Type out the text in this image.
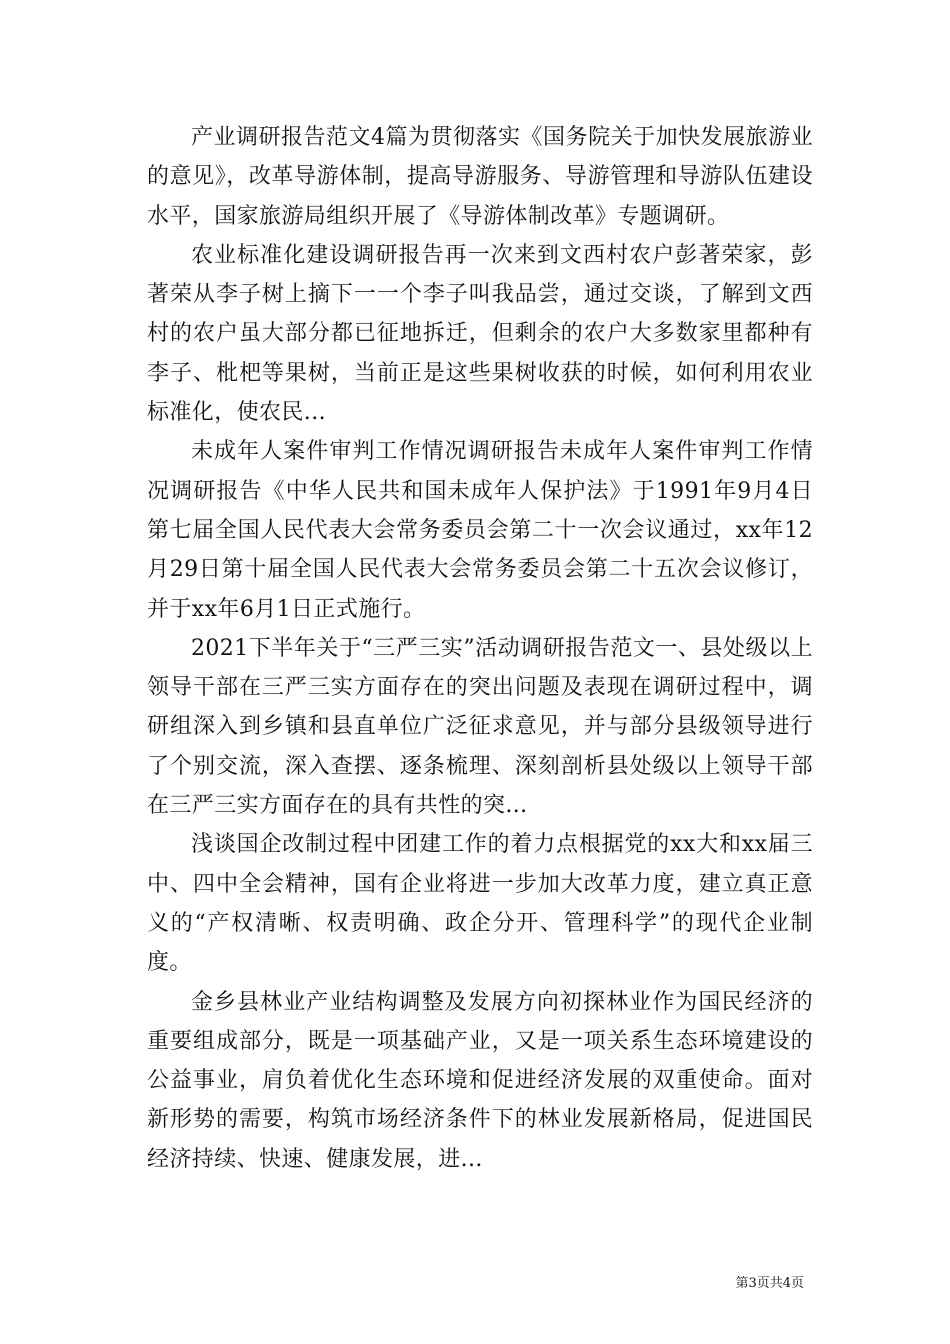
产业调研报告范文4篇为贯彻落实《国务院关于加快发展旅游业的意见》，改革导游体制，提高导游服务、导游管理和导游队伍建设水平，国家旅游局组织开展了《导游体制改革》专题调研。

农业标准化建设调研报告再一次来到文西村农户彭著荣家，彭著荣从李子树上摘下一一个李子叫我品尝，通过交谈，了解到文西村的农户虽大部分都已征地拆迁，但剩余的农户大多数家里都种有李子、枇杷等果树，当前正是这些果树收获的时候，如何利用农业标准化，使农民...

未成年人案件审判工作情况调研报告未成年人案件审判工作情况调研报告《中华人民共和国未成年人保护法》于1991年9月4日第七届全国人民代表大会常务委员会第二十一次会议通过，xx年12月29日第十届全国人民代表大会常务委员会第二十五次会议修订，并于xx年6月1日正式施行。

2021下半年关于“三严三实”活动调研报告范文一、县处级以上领导干部在三严三实方面存在的突出问题及表现在调研过程中，调研组深入到乡镇和县直单位广泛征求意见，并与部分县级领导进行了个别交流，深入查摆、逐条梳理、深刻剖析县处级以上领导干部在三严三实方面存在的具有共性的突...

浅谈国企改制过程中团建工作的着力点根据党的xx大和xx届三中、四中全会精神，国有企业将进一步加大改革力度，建立真正意义的“产权清晰、权责明确、政企分开、管理科学”的现代企业制度。

金乡县林业产业结构调整及发展方向初探林业作为国民经济的重要组成部分，既是一项基础产业，又是一项关系生态环境建设的公益事业，肩负着优化生态环境和促进经济发展的双重使命。面对新形势的需要，构筑市场经济条件下的林业发展新格局，促进国民经济持续、快速、健康发展，进...

第3页共4页
